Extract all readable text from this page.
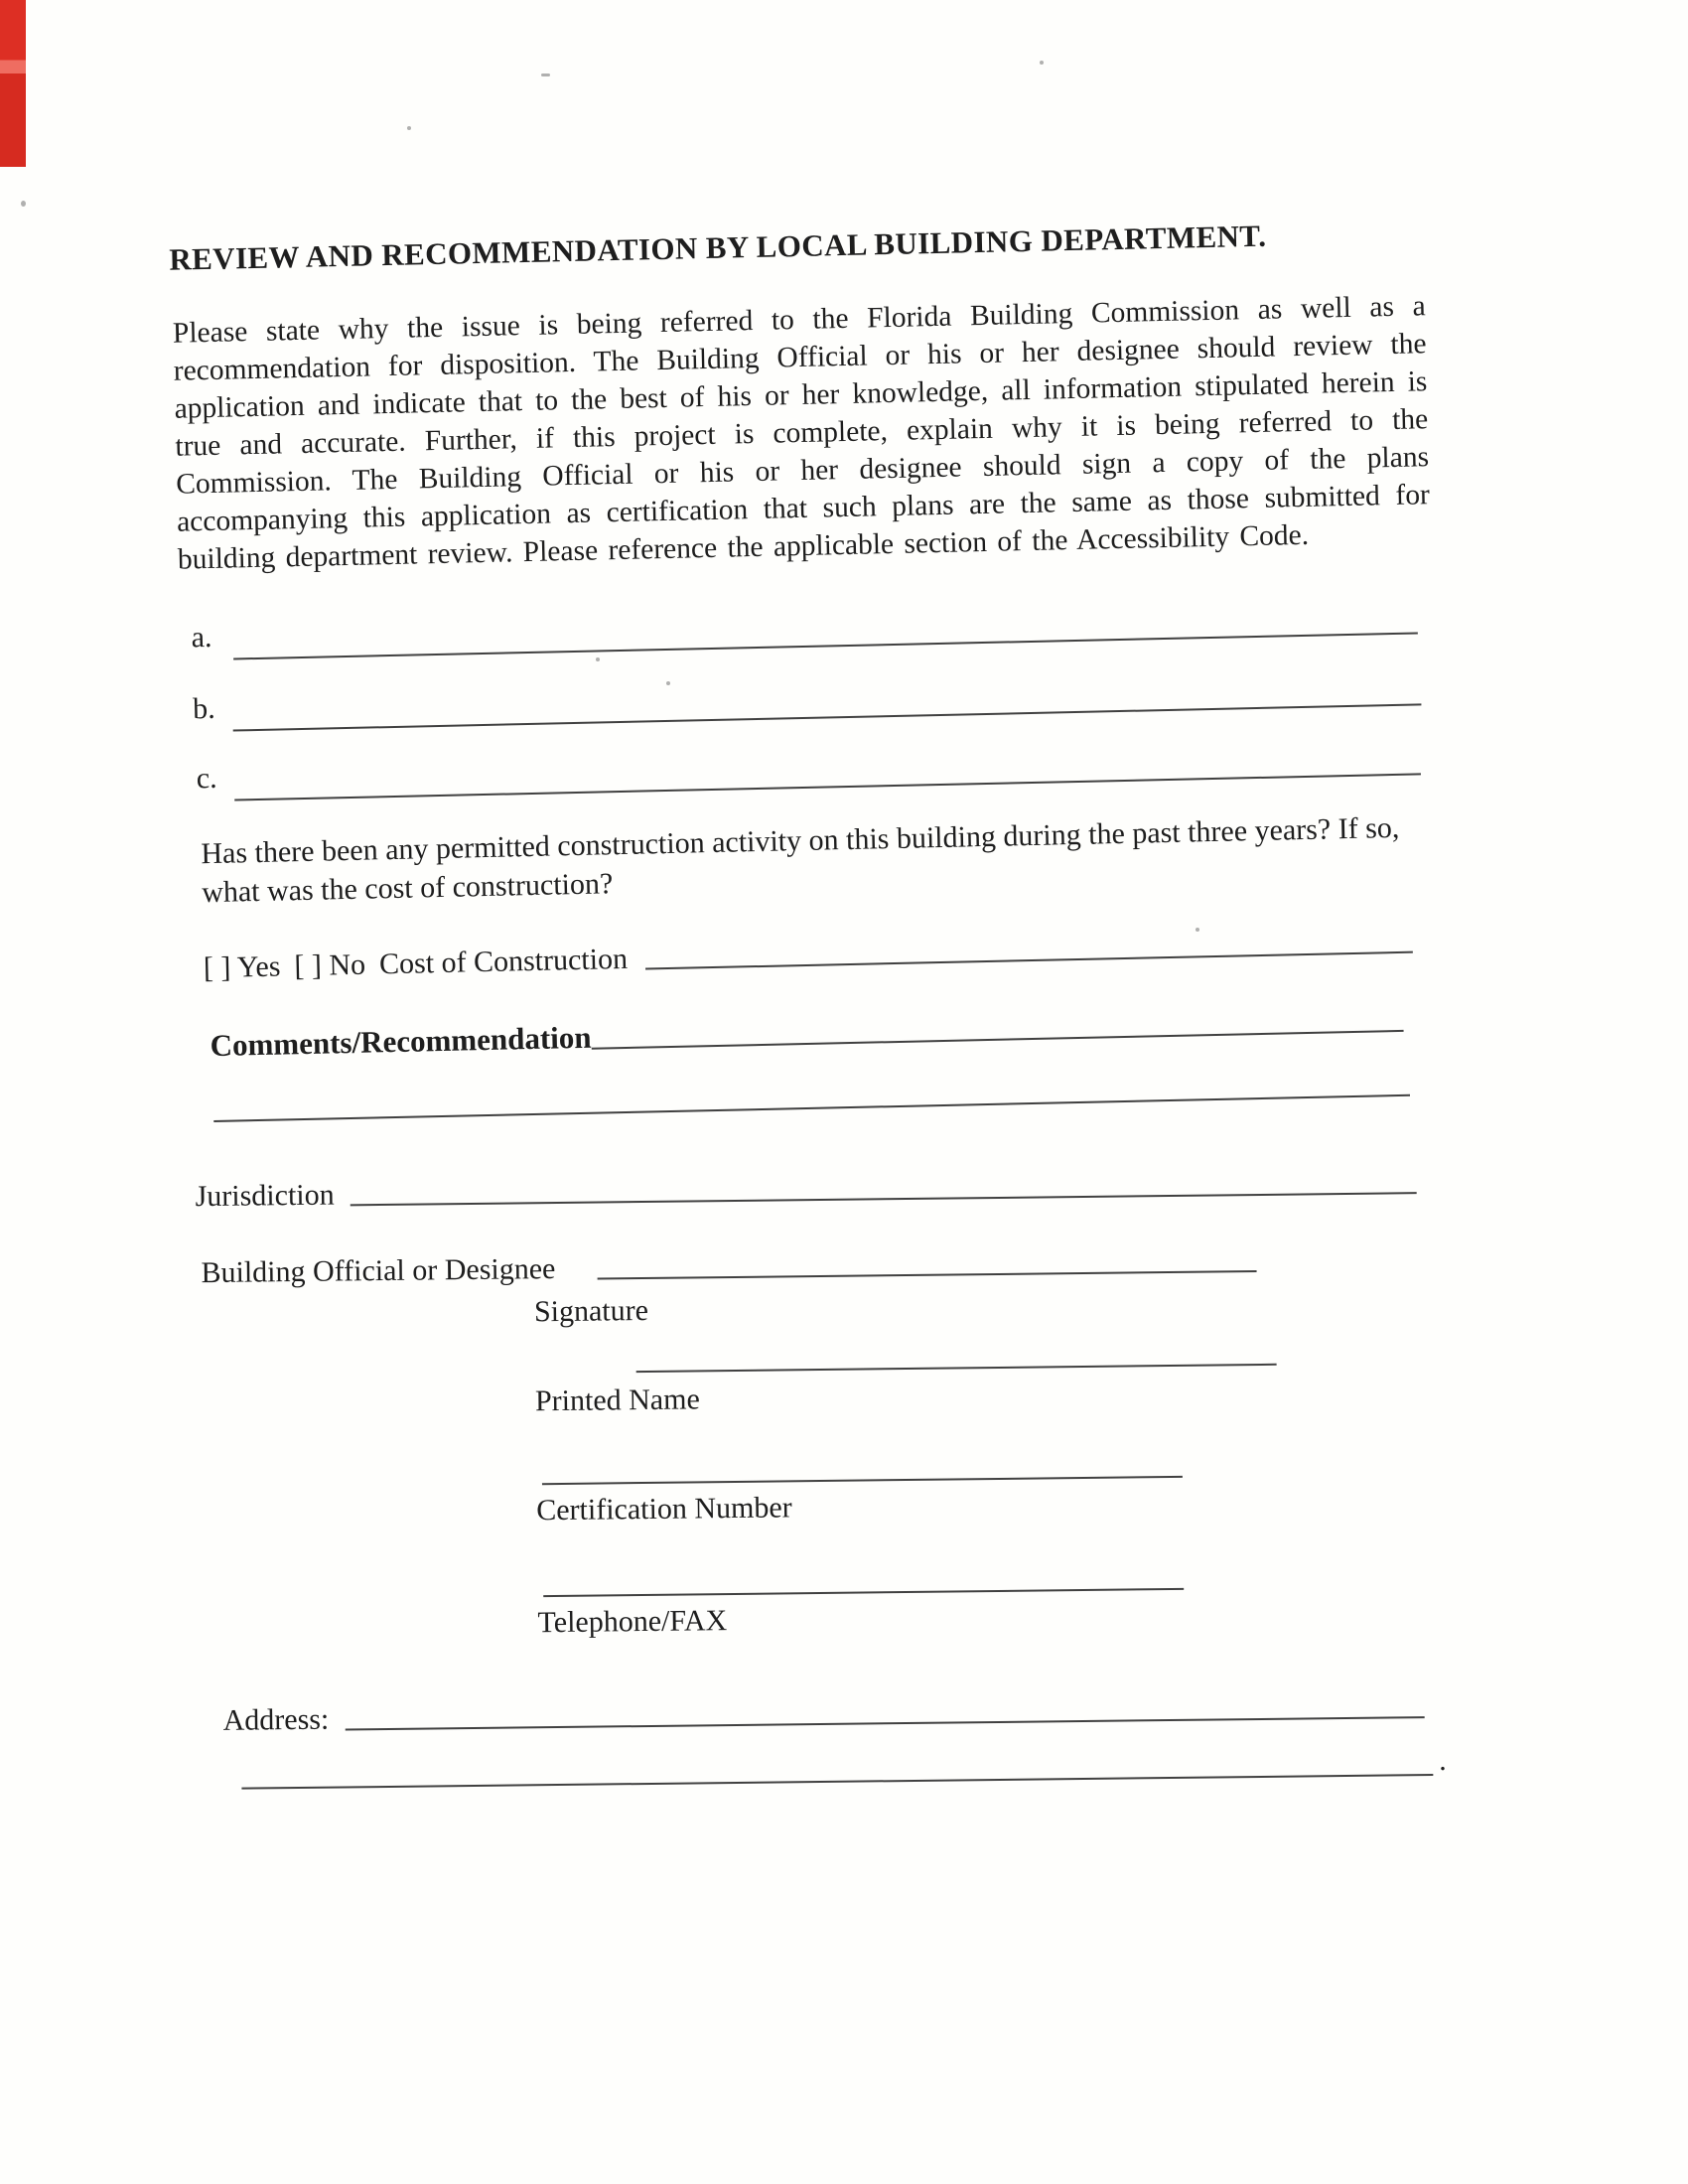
REVIEW AND RECOMMENDATION BY LOCAL BUILDING DEPARTMENT.
Please state why the issue is being referred to the Florida Building Commission as well as a recommendation for disposition. The Building Official or his or her designee should review the application and indicate that to the best of his or her knowledge, all information stipulated herein is true and accurate. Further, if this project is complete, explain why it is being referred to the Commission. The Building Official or his or her designee should sign a copy of the plans accompanying this application as certification that such plans are the same as those submitted for building department review. Please reference the applicable section of the Accessibility Code.
a.
b.
c.
Has there been any permitted construction activity on this building during the past three years? If so, what was the cost of construction?
[ ] Yes [ ] No Cost of Construction
Comments/Recommendation
Jurisdiction
Building Official or Designee
Signature
Printed Name
Certification Number
Telephone/FAX
Address:
.
